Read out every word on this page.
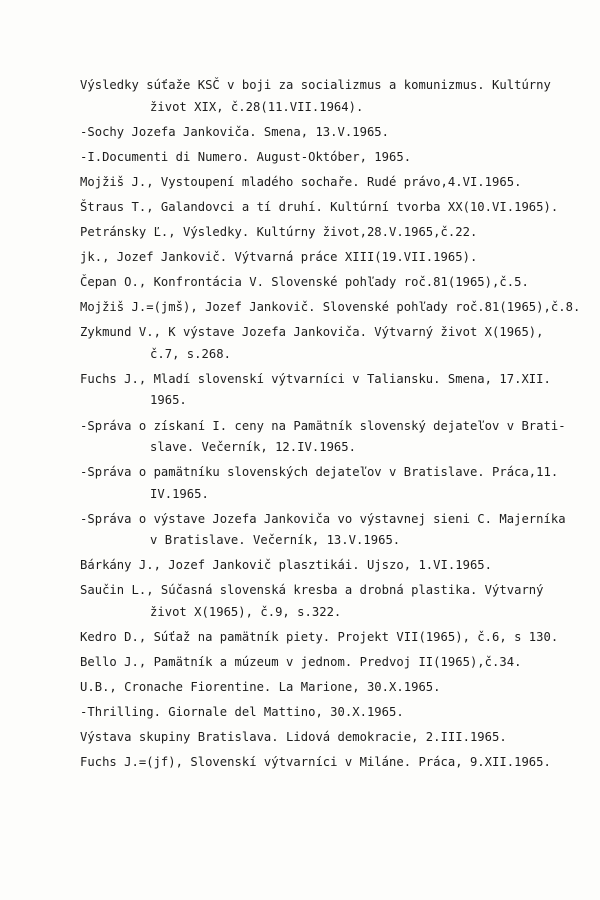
Výsledky súťaže KSČ v boji za socializmus a komunizmus. Kultúrny
život XIX, č.28(11.VII.1964).
-Sochy Jozefa Jankoviča. Smena, 13.V.1965.
-I.Documenti di Numero. August-Október, 1965.
Mojžiš J., Vystoupení mladého sochaře. Rudé právo,4.VI.1965.
Štraus T., Galandovci a tí druhí. Kultúrní tvorba XX(10.VI.1965).
Petránsky Ľ., Výsledky. Kultúrny život,28.V.1965,č.22.
jk., Jozef Jankovič. Výtvarná práce XIII(19.VII.1965).
Čepan O., Konfrontácia V. Slovenské pohľady roč.81(1965),č.5.
Mojžiš J.=(jmš), Jozef Jankovič. Slovenské pohľady roč.81(1965),č.8.
Zykmund V., K výstave Jozefa Jankoviča. Výtvarný život X(1965),
č.7, s.268.
Fuchs J., Mladí slovenskí výtvarníci v Taliansku. Smena, 17.XII.
1965.
-Správa o získaní I. ceny na Pamätník slovenský dejateľov v Brati-
slave. Večerník, 12.IV.1965.
-Správa o pamätníku slovenských dejateľov v Bratislave. Práca,11.
IV.1965.
-Správa o výstave Jozefa Jankoviča vo výstavnej sieni C. Majerníka
v Bratislave. Večerník, 13.V.1965.
Bárkány J., Jozef Jankovič plasztikái. Ujszo, 1.VI.1965.
Saučin L., Súčasná slovenská kresba a drobná plastika. Výtvarný
život X(1965), č.9, s.322.
Kedro D., Súťaž na pamätník piety. Projekt VII(1965), č.6, s 130.
Bello J., Pamätník a múzeum v jednom. Predvoj II(1965),č.34.
U.B., Cronache Fiorentine. La Marione, 30.X.1965.
-Thrilling. Giornale del Mattino, 30.X.1965.
Výstava skupiny Bratislava. Lidová demokracie, 2.III.1965.
Fuchs J.=(jf), Slovenskí výtvarníci v Miláne. Práca, 9.XII.1965.
